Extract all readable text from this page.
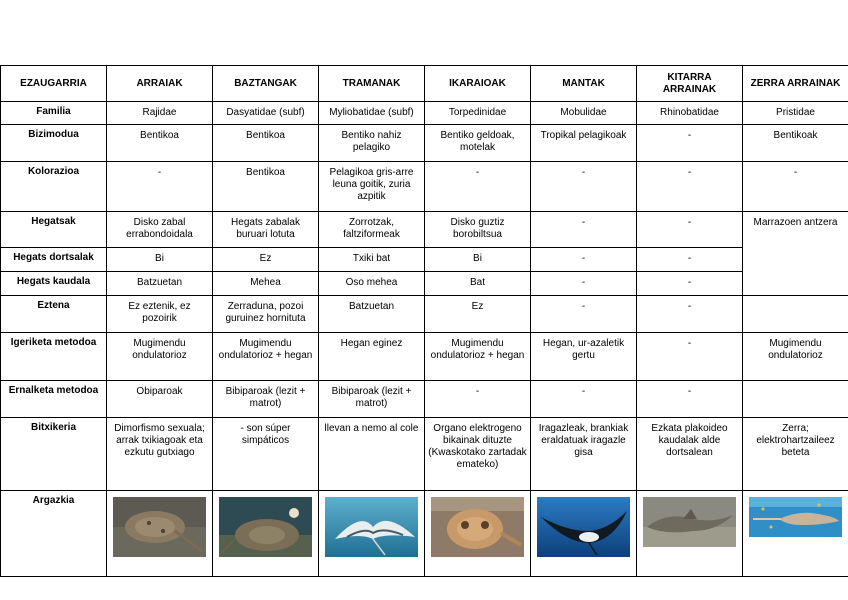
EZAUGARRIA	ARRAIAK	BAZTANGAK	TRAMANAK	IKARAIOAK	MANTAK	KITARRA ARRAINAK	ZERRA ARRAINAK
Familia	Rajidae	Dasyatidae (subf)	Myliobatidae (subf)	Torpedinidae	Mobulidae	Rhinobatidae	Pristidae
Bizimodua	Bentikoa	Bentikoa	Bentiko nahiz pelagiko	Bentiko geldoak, motelak	Tropikal pelagikoak	-	Bentikoak
Kolorazioa	-	Bentikoa	Pelagikoa gris-arre leuna goitik, zuria azpitik	-	-	-	-
Hegatsak	Disko zabal errabondoidala	Hegats zabalak buruari lotuta	Zorrotzak, faltziformeak	Disko guztiz borobiltsua	-	-	Marrazoen antzera
Hegats dortsalak	Bi	Ez	Txiki bat	Bi	-	-	
Hegats kaudala	Batzuetan	Mehea	Oso mehea	Bat	-	-	
Eztena	Ez eztenik, ez pozoirik	Zerraduna, pozoi guruinez hornituta	Batzuetan	Ez	-	-	
Igeriketa metodoa	Mugimendu ondulatorioz	Mugimendu ondulatorioz + hegan	Hegan eginez	Mugimendu ondulatorioz + hegan	Hegan, ur-azaletik gertu	-	Mugimendu ondulatorioz
Ernalketa metodoa	Obiparoak	Bibiparoak (lezit + matrot)	Bibiparoak (lezit + matrot)	-	-	-	
Bitxikeria	Dimorfismo sexuala; arrak txikiagoak eta ezkutu gutxiago	- son súper simpáticos	llevan a nemo al cole	Organo elektrogeno bikainak dituzte (Kwaskotako zartadak emateko)	Iragazleak, brankiak eraldatuak iragazle gisa	Ezkata plakoideo kaudalak alde dortsalean	Zerra; elektrohartzaileez beteta
Argazkia	
